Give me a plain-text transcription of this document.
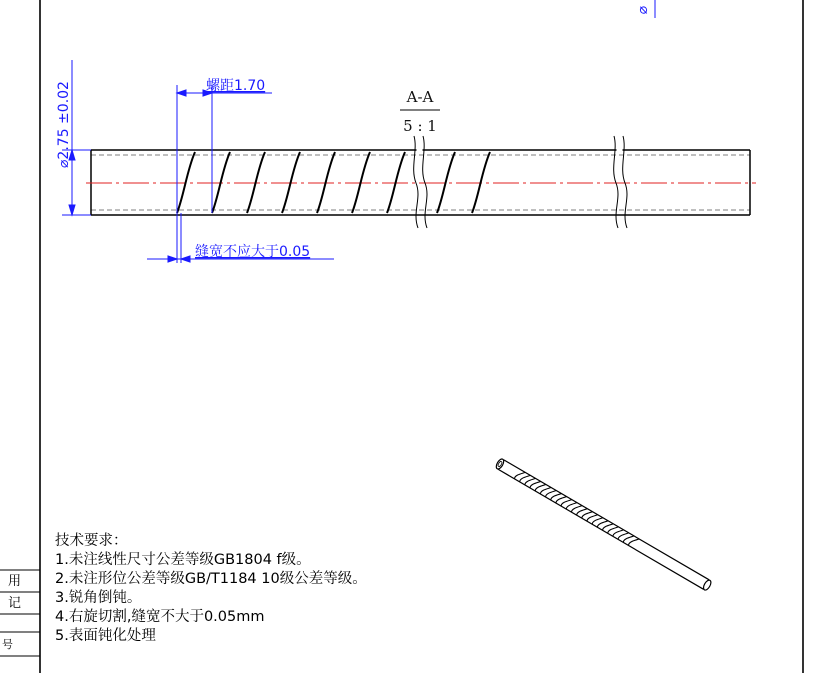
⌀
用
记
号
A-A
5 : 1
⌀2.75 ±0.02	螺距1.70
缝宽不应大于0.05
技术要求：
1.未注线性尺寸公差等级GB1804 f级。
2.未注形位公差等级GB/T1184 10级公差等级。
3.锐角倒钝。
4.右旋切割,缝宽不大于0.05mm
5.表面钝化处理
